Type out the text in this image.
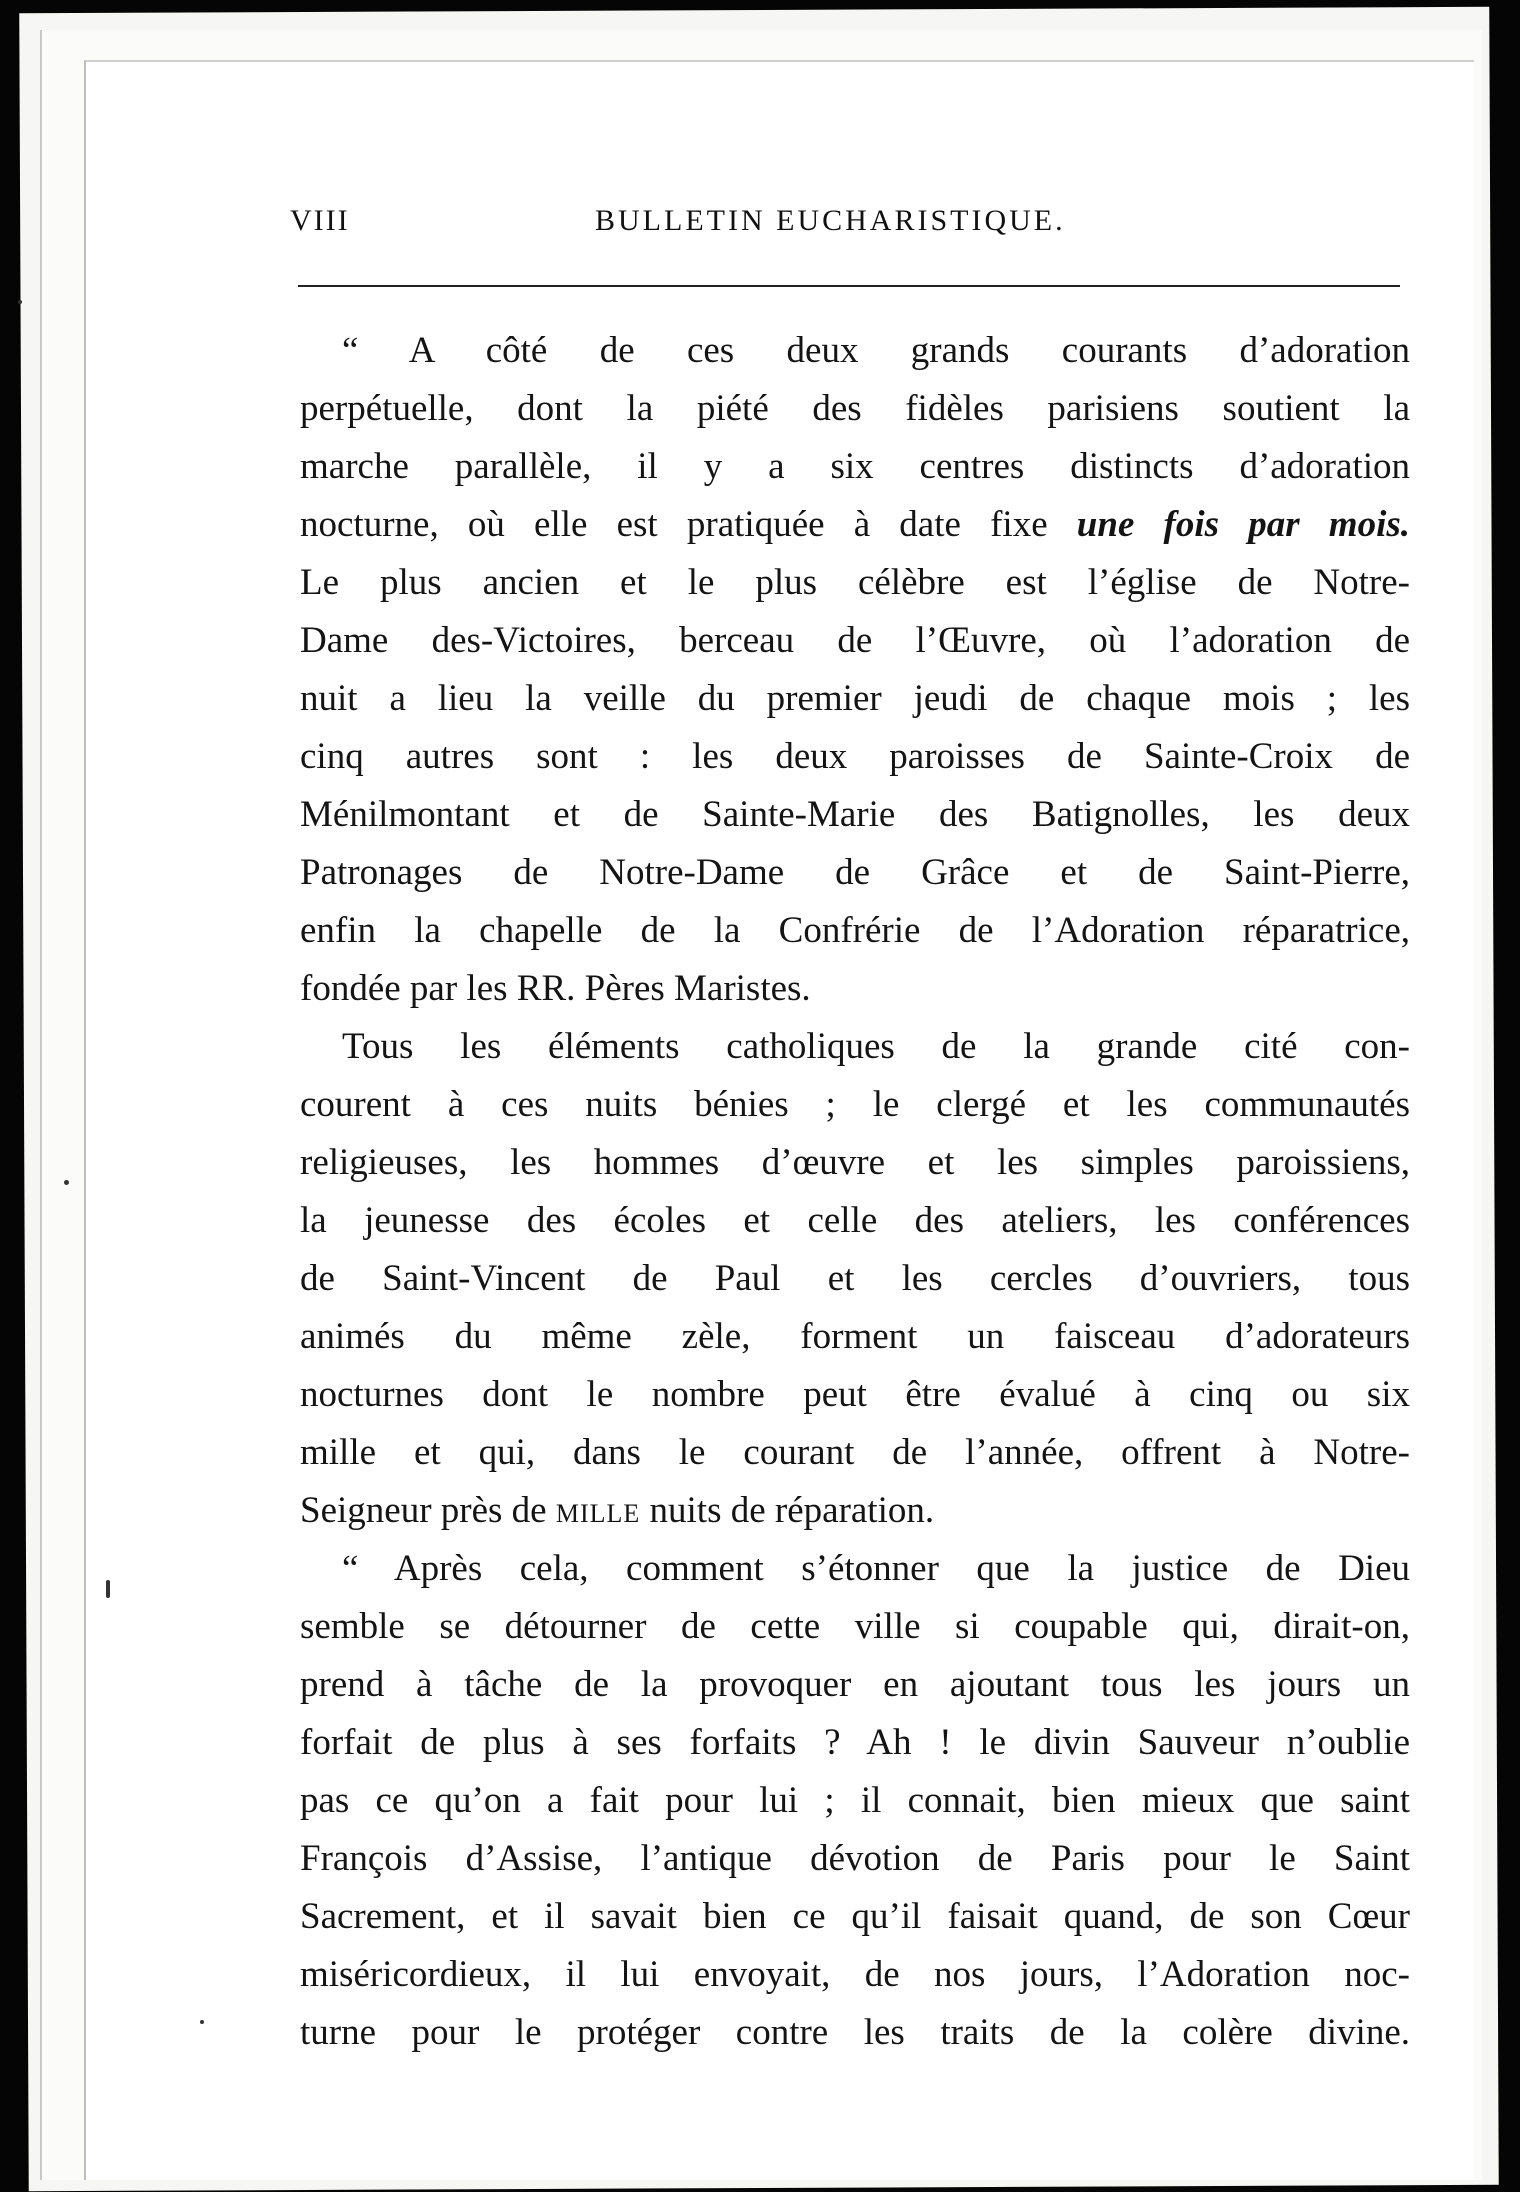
VIII	BULLETIN EUCHARISTIQUE.

“ A côté de ces deux grands courants d’adoration
perpétuelle, dont la piété des fidèles parisiens soutient la
marche parallèle, il y a six centres distincts d’adoration
nocturne, où elle est pratiquée à date fixe une fois par mois.
Le plus ancien et le plus célèbre est l’église de Notre-
Dame des-Victoires, berceau de l’Œuvre, où l’adoration de
nuit a lieu la veille du premier jeudi de chaque mois ; les
cinq autres sont : les deux paroisses de Sainte-Croix de
Ménilmontant et de Sainte-Marie des Batignolles, les deux
Patronages de Notre-Dame de Grâce et de Saint-Pierre,
enfin la chapelle de la Confrérie de l’Adoration réparatrice,
fondée par les RR. Pères Maristes.

Tous les éléments catholiques de la grande cité con-
courent à ces nuits bénies ; le clergé et les communautés
religieuses, les hommes d’œuvre et les simples paroissiens,
la jeunesse des écoles et celle des ateliers, les conférences
de Saint-Vincent de Paul et les cercles d’ouvriers, tous
animés du même zèle, forment un faisceau d’adorateurs
nocturnes dont le nombre peut être évalué à cinq ou six
mille et qui, dans le courant de l’année, offrent à Notre-
Seigneur près de mille nuits de réparation.

“ Après cela, comment s’étonner que la justice de Dieu
semble se détourner de cette ville si coupable qui, dirait-on,
prend à tâche de la provoquer en ajoutant tous les jours un
forfait de plus à ses forfaits ? Ah ! le divin Sauveur n’oublie
pas ce qu’on a fait pour lui ; il connait, bien mieux que saint
François d’Assise, l’antique dévotion de Paris pour le Saint
Sacrement, et il savait bien ce qu’il faisait quand, de son Cœur
miséricordieux, il lui envoyait, de nos jours, l’Adoration noc-
turne pour le protéger contre les traits de la colère divine.
